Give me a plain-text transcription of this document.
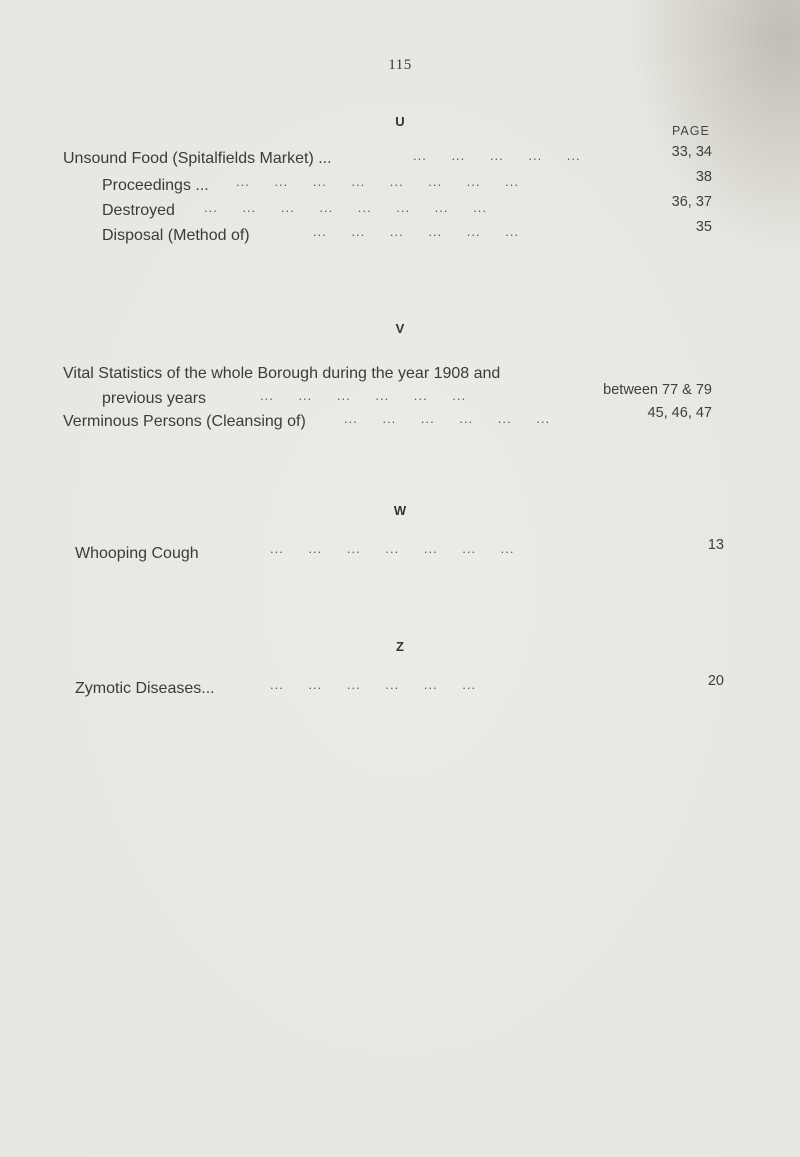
115
U
PAGE
Unsound Food (Spitalfields Market) ...	... ... ... ... ...	33, 34
Proceedings ... ... ... ... ... ... ... ... ...	38
Destroyed ... ... ... ... ... ... ... ...	36, 37
Disposal (Method of)	... ... ... ... ... ...	35
V
Vital Statistics of the whole Borough during the year 1908 and
previous years	... ... ... ... ... ...	between 77 & 79
Verminous Persons (Cleansing of)	... ... ... ... ... ...	45, 46, 47
W
Whooping Cough	... ... ... ... ... ... ...	13
Z
Zymotic Diseases...	... ... ... ... ... ...	20
